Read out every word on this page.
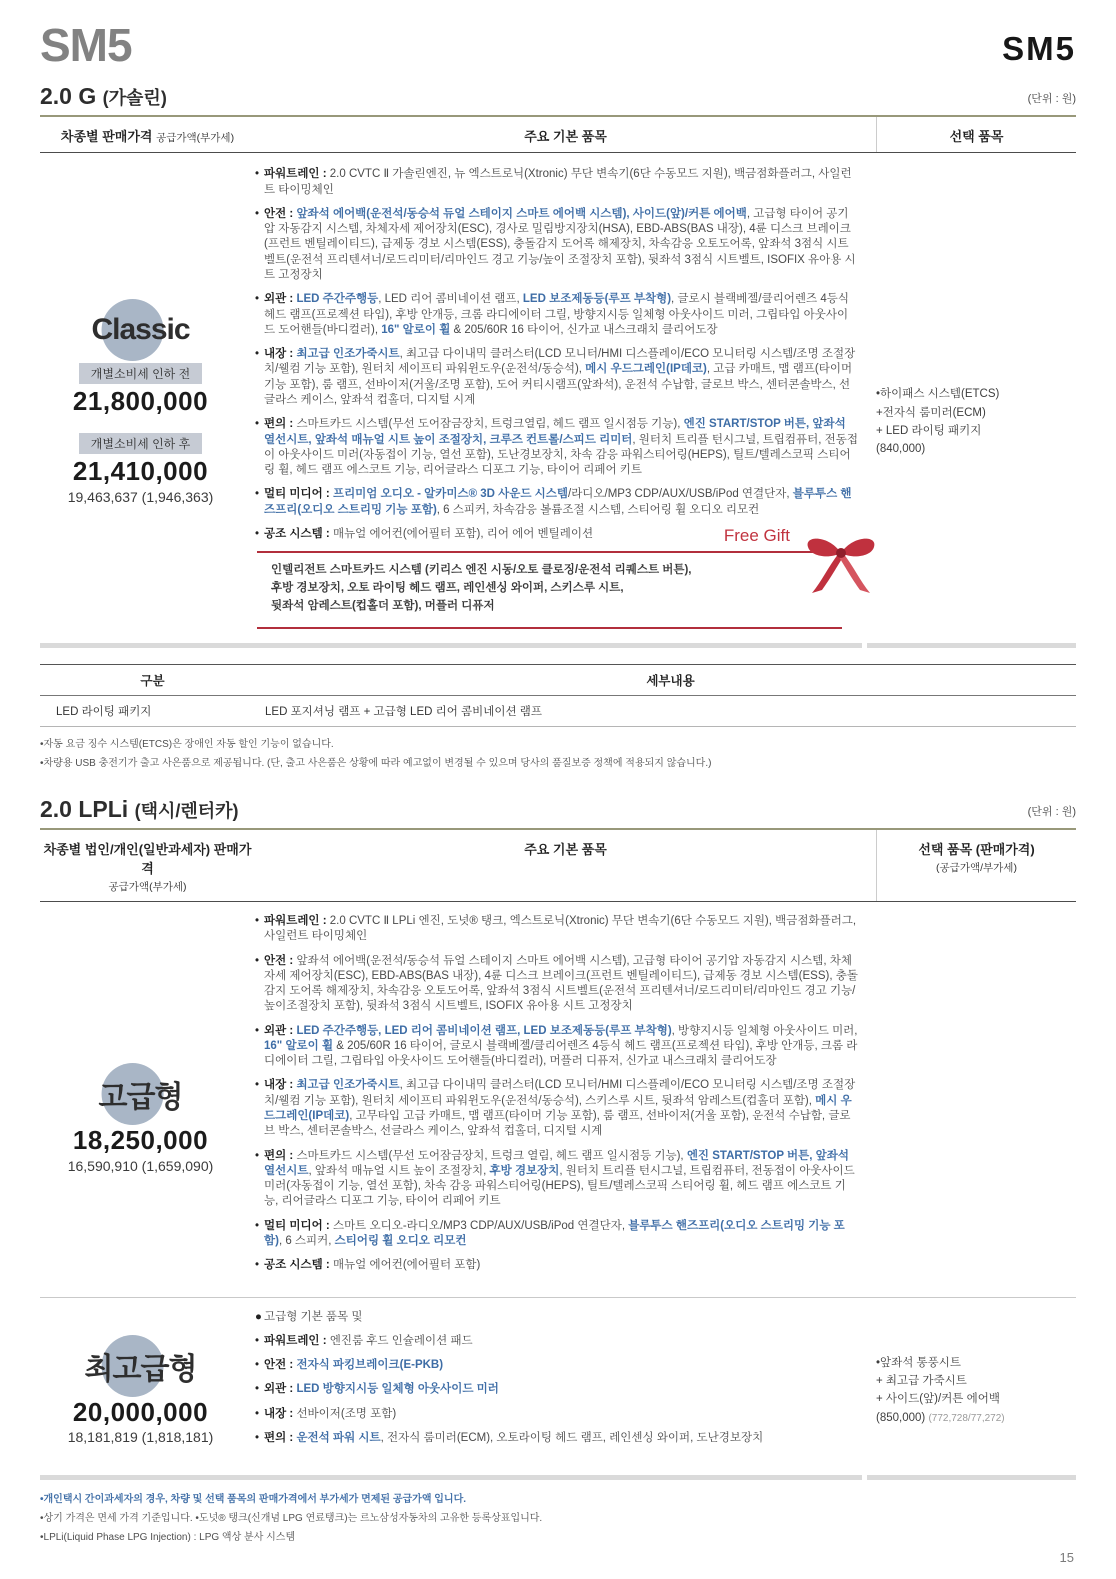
SM5	SM5
2.0 G (가솔린)	(단위 : 원)
차종별 판매가격 공급가액(부가세)	주요 기본 품목	선택 품목
Classic
개별소비세 인하 전
21,800,000
개별소비세 인하 후
21,410,000
19,463,637 (1,946,363)
• 파워트레인 : 2.0 CVTC Ⅱ 가솔린엔진, 뉴 엑스트로닉(Xtronic) 무단 변속기(6단 수동모드 지원), 백금점화플러그, 사일런트 타이밍체인
• 안전 : 앞좌석 에어백(운전석/동승석 듀얼 스테이지 스마트 에어백 시스템), 사이드(앞)/커튼 에어백, 고급형 타이어 공기압 자동감지 시스템, 차체자세 제어장치(ESC), 경사로 밀림방지장치(HSA), EBD-ABS(BAS 내장), 4륜 디스크 브레이크(프런트 벤틸레이티드), 급제동 경보 시스템(ESS), 충돌감지 도어록 해제장치, 차속감응 오토도어록, 앞좌석 3점식 시트벨트(운전석 프리텐셔너/로드리미터/리마인드 경고 기능/높이 조절장치 포함), 뒷좌석 3점식 시트벨트, ISOFIX 유아용 시트 고정장치
• 외관 : LED 주간주행등, LED 리어 콤비네이션 램프, LED 보조제동등(루프 부착형), 글로시 블랙베젤/클리어렌즈 4등식 헤드 램프(프로젝션 타입), 후방 안개등, 크롬 라디에이터 그릴, 방향지시등 일체형 아웃사이드 미러, 그립타입 아웃사이드 도어핸들(바디컬러), 16" 알로이 휠 & 205/60R 16 타이어, 신가교 내스크래치 클리어도장
• 내장 : 최고급 인조가죽시트, 최고급 다이내믹 클러스터(LCD 모니터/HMI 디스플레이/ECO 모니터링 시스템/조명 조절장치/웰컴 기능 포함), 원터치 세이프티 파워윈도우(운전석/동승석), 메시 우드그레인(IP데코), 고급 카매트, 맵 램프(타이머 기능 포함), 룸 램프, 선바이저(거울/조명 포함), 도어 커티시램프(앞좌석), 운전석 수납함, 글로브 박스, 센터콘솔박스, 선글라스 케이스, 앞좌석 컵홀더, 디지털 시계
• 편의 : 스마트카드 시스템(무선 도어잠금장치, 트렁크열림, 헤드 램프 일시점등 기능), 엔진 START/STOP 버튼, 앞좌석 열선시트, 앞좌석 매뉴얼 시트 높이 조절장치, 크루즈 컨트롤/스피드 리미터, 원터치 트리플 턴시그널, 트립컴퓨터, 전동접이 아웃사이드 미러(자동접이 기능, 열선 포함), 도난경보장치, 차속 감응 파워스티어링(HEPS), 틸트/텔레스코픽 스티어링 휠, 헤드 램프 에스코트 기능, 리어글라스 디포그 기능, 타이어 리페어 키트
• 멀티 미디어 : 프리미엄 오디오 - 알카미스® 3D 사운드 시스템/라디오/MP3 CDP/AUX/USB/iPod 연결단자, 블루투스 핸즈프리(오디오 스트리밍 기능 포함), 6 스피커, 차속감응 볼륨조절 시스템, 스티어링 휠 오디오 리모컨
• 공조 시스템 : 매뉴얼 에어컨(에어필터 포함), 리어 에어 벤틸레이션	Free Gift
인텔리전트 스마트카드 시스템 (키리스 엔진 시동/오토 클로징/운전석 리퀘스트 버튼),
후방 경보장치, 오토 라이팅 헤드 램프, 레인센싱 와이퍼, 스키스루 시트,
뒷좌석 암레스트(컵홀더 포함), 머플러 디퓨저
•하이패스 시스템(ETCS)
+전자식 룸미러(ECM)
+ LED 라이팅 패키지
(840,000)
구분	세부내용
LED 라이팅 패키지	LED 포지셔닝 램프 + 고급형 LED 리어 콤비네이션 램프
•자동 요금 징수 시스템(ETCS)은 장애인 자동 할인 기능이 없습니다.
•차량용 USB 충전기가 출고 사은품으로 제공됩니다. (단, 출고 사은품은 상황에 따라 예고없이 변경될 수 있으며 당사의 품질보증 정책에 적용되지 않습니다.)
2.0 LPLi (택시/렌터카)	(단위 : 원)
차종별 법인/개인(일반과세자) 판매가격
공급가액(부가세)
주요 기본 품목	선택 품목 (판매가격)
(공급가액/부가세)
고급형
18,250,000
16,590,910 (1,659,090)
• 파워트레인 : 2.0 CVTC Ⅱ LPLi 엔진, 도넛® 탱크, 엑스트로닉(Xtronic) 무단 변속기(6단 수동모드 지원), 백금점화플러그, 사일런트 타이밍체인
• 안전 : 앞좌석 에어백(운전석/동승석 듀얼 스테이지 스마트 에어백 시스템), 고급형 타이어 공기압 자동감지 시스템, 차체자세 제어장치(ESC), EBD-ABS(BAS 내장), 4륜 디스크 브레이크(프런트 벤틸레이티드), 급제동 경보 시스템(ESS), 충돌감지 도어록 해제장치, 차속감응 오토도어록, 앞좌석 3점식 시트벨트(운전석 프리텐셔너/로드리미터/리마인드 경고 기능/높이조절장치 포함), 뒷좌석 3점식 시트벨트, ISOFIX 유아용 시트 고정장치
• 외관 : LED 주간주행등, LED 리어 콤비네이션 램프, LED 보조제동등(루프 부착형), 방향지시등 일체형 아웃사이드 미러, 16" 알로이 휠 & 205/60R 16 타이어, 글로시 블랙베젤/클리어렌즈 4등식 헤드 램프(프로젝션 타입), 후방 안개등, 크롬 라디에이터 그릴, 그립타입 아웃사이드 도어핸들(바디컬러), 머플러 디퓨저, 신가교 내스크래치 클리어도장
• 내장 : 최고급 인조가죽시트, 최고급 다이내믹 클러스터(LCD 모니터/HMI 디스플레이/ECO 모니터링 시스템/조명 조절장치/웰컴 기능 포함), 원터치 세이프티 파워윈도우(운전석/동승석), 스키스루 시트, 뒷좌석 암레스트(컵홀더 포함), 메시 우드그레인(IP데코), 고무타입 고급 카매트, 맵 램프(타이머 기능 포함), 룸 램프, 선바이저(거울 포함), 운전석 수납함, 글로브 박스, 센터콘솔박스, 선글라스 케이스, 앞좌석 컵홀더, 디지털 시계
• 편의 : 스마트카드 시스템(무선 도어잠금장치, 트렁크 열림, 헤드 램프 일시점등 기능), 엔진 START/STOP 버튼, 앞좌석 열선시트, 앞좌석 매뉴얼 시트 높이 조절장치, 후방 경보장치, 원터치 트리플 턴시그널, 트립컴퓨터, 전동접이 아웃사이드 미러(자동접이 기능, 열선 포함), 차속 감응 파워스티어링(HEPS), 틸트/텔레스코픽 스티어링 휠, 헤드 램프 에스코트 기능, 리어글라스 디포그 기능, 타이어 리페어 키트
• 멀티 미디어 : 스마트 오디오-라디오/MP3 CDP/AUX/USB/iPod 연결단자, 블루투스 핸즈프리(오디오 스트리밍 기능 포함), 6 스피커, 스티어링 휠 오디오 리모컨
• 공조 시스템 : 매뉴얼 에어컨(에어필터 포함)
최고급형
20,000,000
18,181,819 (1,818,181)
● 고급형 기본 품목 및
• 파워트레인 : 엔진룸 후드 인슐레이션 패드
• 안전 : 전자식 파킹브레이크(E-PKB)
• 외관 : LED 방향지시등 일체형 아웃사이드 미러
• 내장 : 선바이저(조명 포함)
• 편의 : 운전석 파워 시트, 전자식 룸미러(ECM), 오토라이팅 헤드 램프, 레인센싱 와이퍼, 도난경보장치
•앞좌석 통풍시트
+ 최고급 가죽시트
+ 사이드(앞)/커튼 에어백
(850,000) (772,728/77,272)
•개인택시 간이과세자의 경우, 차량 및 선택 품목의 판매가격에서 부가세가 면제된 공급가액 입니다.
•상기 가격은 면세 가격 기준입니다. •도넛® 탱크(신개념 LPG 연료탱크)는 르노삼성자동차의 고유한 등록상표입니다.
•LPLi(Liquid Phase LPG Injection) : LPG 액상 분사 시스템
15
